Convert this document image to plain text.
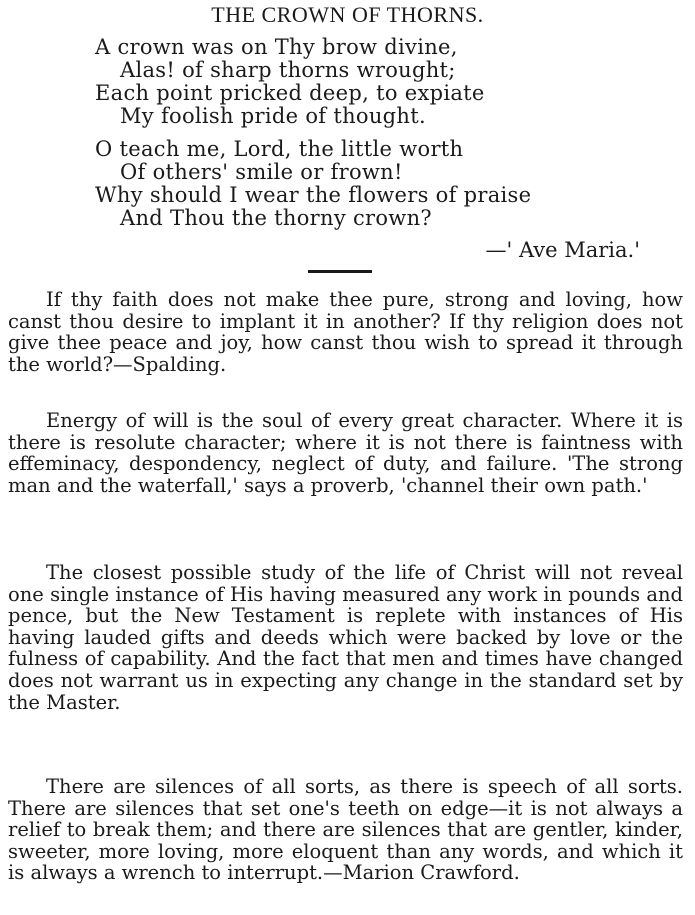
THE CROWN OF THORNS.
A crown was on Thy brow divine,
Alas! of sharp thorns wrought;
Each point pricked deep, to expiate
My foolish pride of thought.
O teach me, Lord, the little worth
Of others' smile or frown!
Why should I wear the flowers of praise
And Thou the thorny crown?
—' Ave Maria.'

If thy faith does not make thee pure, strong and loving, how canst thou desire to implant it in another? If thy religion does not give thee peace and joy, how canst thou wish to spread it through the world?—Spalding.

Energy of will is the soul of every great character. Where it is there is resolute character; where it is not there is faintness with effeminacy, despondency, neglect of duty, and failure. 'The strong man and the waterfall,' says a proverb, 'channel their own path.'

The closest possible study of the life of Christ will not reveal one single instance of His having measured any work in pounds and pence, but the New Testament is replete with instances of His having lauded gifts and deeds which were backed by love or the fulness of capability. And the fact that men and times have changed does not warrant us in expecting any change in the standard set by the Master.

There are silences of all sorts, as there is speech of all sorts. There are silences that set one's teeth on edge—it is not always a relief to break them; and there are silences that are gentler, kinder, sweeter, more loving, more eloquent than any words, and which it is always a wrench to interrupt.—Marion Crawford.
